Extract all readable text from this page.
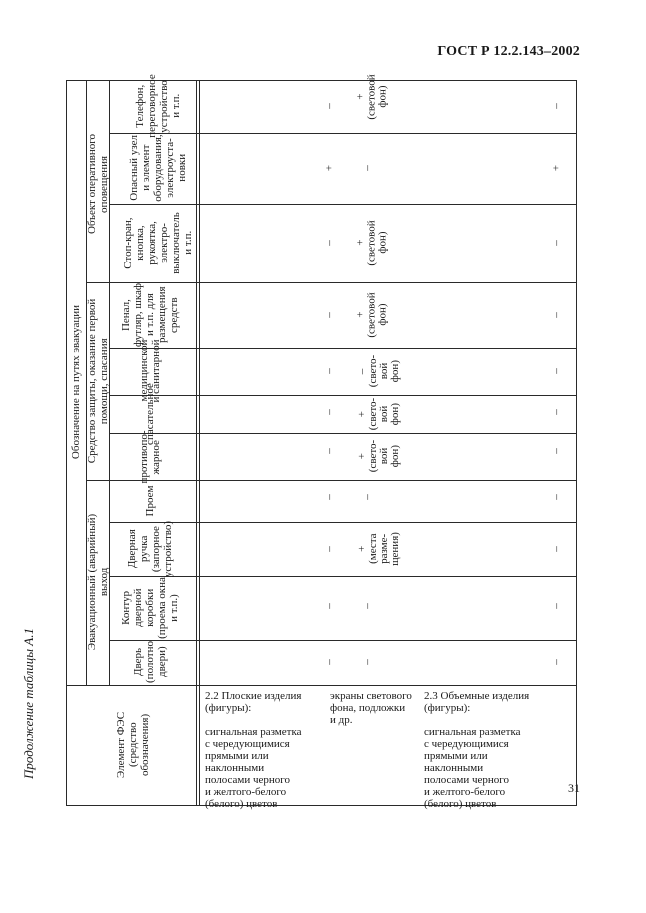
ГОСТ Р 12.2.143–2002
Продолжение таблицы А.1
31
Обозначение на путях эвакуации
Объект оперативного
оповещения
Средство защиты, оказание первой
помощи, спасания
Эвакуационный (аварийный)
выход
Элемент ФЭС
(средство
обозначения)
Дверь
(полотно
двери)
Контур
дверной
коробки
(проема окна
и т.п.)
Дверная
ручка
(запорное
устройство)
Проем
противопо-
жарное
спасательное
медицинской
и санитарной
Пенал,
футляр, шкаф
и т.п. для
размещения
средств
Стоп-кран,
кнопка,
рукоятка,
электро-
выключатель
и т.п.
Опасный узел
и элемент
оборудования,
электроуста-
новки
Телефон,
переговорное
устройство
и т.п.
2.2 Плоские изделия
(фигуры):

сигнальная разметка
с чередующимися
прямыми или
наклонными
полосами черного
и желтого-белого
(белого) цветов
экраны светового
фона, подложки
и др.
2.3 Объемные изделия
(фигуры):

сигнальная разметка
с чередующимися
прямыми или
наклонными
полосами черного
и желтого-белого
(белого) цветов
–
–
–
–
–
–
–
–
–
+
–
–
–
+
(места
разме-
щения)
–
+
(свето-
вой
фон)
+
(свето-
вой
фон)
–
(свето-
вой
фон)
+
(световой
фон)
+
(световой
фон)
–
+
(световой
фон)
–
–
–
–
–
–
–
–
–
+
–
